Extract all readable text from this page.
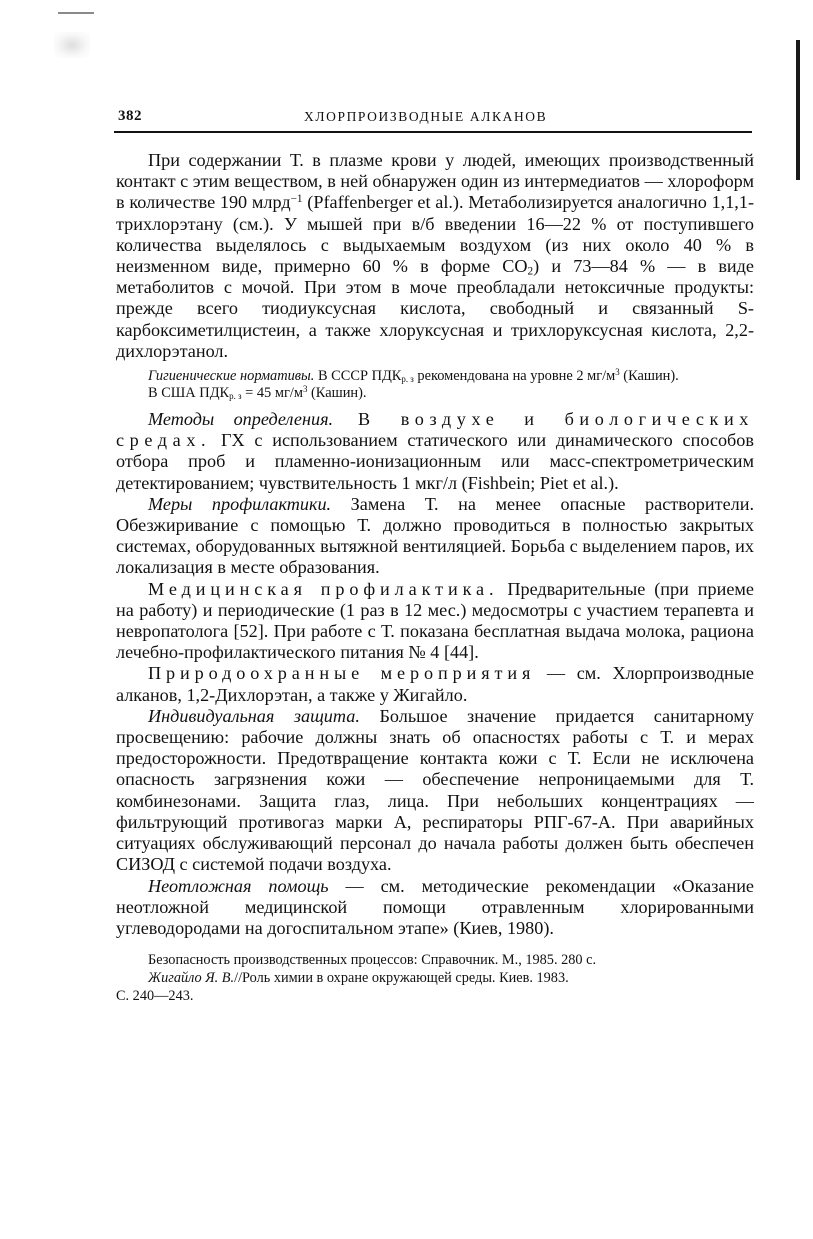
382	ХЛОРПРОИЗВОДНЫЕ АЛКАНОВ

При содержании Т. в плазме крови у людей, имеющих производственный контакт с этим веществом, в ней обнаружен один из интермедиатов — хлороформ в количестве 190 млрд$^{-1}$ (Pfaffenberger et al.). Метаболизируется аналогично 1,1,1-трихлорэтану (см.). У мышей при в/б введении 16—22 % от поступившего количества выделялось с выдыхаемым воздухом (из них около 40 % в неизменном виде, примерно 60 % в форме $CO_2$) и 73—84 % — в виде метаболитов с мочой. При этом в моче преобладали нетоксичные продукты: прежде всего тиодиуксусная кислота, свободный и связанный S-карбоксиметилцистеин, а также хлоруксусная и трихлоруксусная кислота, 2,2-дихлорэтанол.

Гигиенические нормативы. В СССР $ПДК_{р. з}$ рекомендована на уровне 2 $мг/м^3$ (Кашин).

В США $ПДК_{р. з} = 45$ $мг/м^3$ (Кашин).

Методы определения. В воздухе и биологических средах. ГХ с использованием статического или динамического способов отбора проб и пламенно-ионизационным или масс-спектрометрическим детектированием; чувствительность 1 мкг/л (Fishbein; Piet et al.).

Меры профилактики. Замена Т. на менее опасные растворители. Обезжиривание с помощью Т. должно проводиться в полностью закрытых системах, оборудованных вытяжной вентиляцией. Борьба с выделением паров, их локализация в месте образования.

Медицинская профилактика. Предварительные (при приеме на работу) и периодические (1 раз в 12 мес.) медосмотры с участием терапевта и невропатолога [52]. При работе с Т. показана бесплатная выдача молока, рациона лечебно-профилактического питания № 4 [44].

Природоохранные мероприятия — см. Хлорпроизводные алканов, 1,2-Дихлорэтан, а также у Жигайло.

Индивидуальная защита. Большое значение придается санитарному просвещению: рабочие должны знать об опасностях работы с Т. и мерах предосторожности. Предотвращение контакта кожи с Т. Если не исключена опасность загрязнения кожи — обеспечение непроницаемыми для Т. комбинезонами. Защита глаз, лица. При небольших концентрациях — фильтрующий противогаз марки А, респираторы РПГ-67-А. При аварийных ситуациях обслуживающий персонал до начала работы должен быть обеспечен СИЗОД с системой подачи воздуха.

Неотложная помощь — см. методические рекомендации «Оказание неотложной медицинской помощи отравленным хлорированными углеводородами на догоспитальном этапе» (Киев, 1980).

Безопасность производственных процессов: Справочник. М., 1985. 280 с.

Жигайло Я. В.//Роль химии в охране окружающей среды. Киев. 1983.

С. 240—243.
